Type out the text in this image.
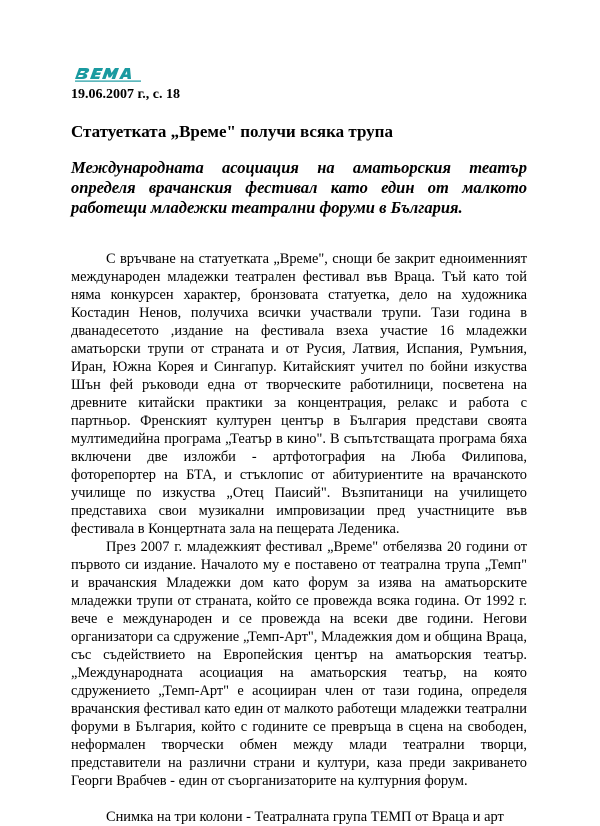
19.06.2007 г., с. 18
Статуетката „Време" получи всяка трупа
Международната асоциация на аматьорския театър определя врачанския фестивал като един от малкото работещи младежки театрални форуми в България.

С връчване на статуетката „Време", снощи бе закрит едноименният международен младежки театрален фестивал във Враца. Тъй като той няма конкурсен характер, бронзовата статуетка, дело на художника Костадин Ненов, получиха всички участвали трупи. Тази година в дванадесетото ,издание на фестивала взеха участие 16 младежки аматьорски трупи от страната и от Русия, Латвия, Испания, Румъния, Иран, Южна Корея и Сингапур. Китайският учител по бойни изкуства Шън фей ръководи една от творческите работилници, посветена на древните китайски практики за концентрация, релакс и работа с партньор. Френският културен център в България представи своята мултимедийна програма „Театър в кино". В съпътстващата програма бяха включени две изложби - артфотография на Люба Филипова, фоторепортер на БТА, и стъклопис от абитуриентите на врачанското училище по изкуства „Отец Паисий". Възпитаници на училището представиха свои музикални импровизации пред участниците във фестивала в Концертната зала на пещерата Леденика.

През 2007 г. младежкият фестивал „Време" отбелязва 20 години от първото си издание. Началото му е поставено от театрална трупа „Темп" и врачанския Младежки дом като форум за изява на аматьорските младежки трупи от страната, който се провежда всяка година. От 1992 г. вече е международен и се провежда на всеки две години. Негови организатори са сдружение „Темп-Арт", Младежкия дом и община Враца, със съдействието на Европейския център на аматьорския театър. „Международната асоциация на аматьорския театър, на която сдружението „Темп-Арт" е асоцииран член от тази година, определя врачанския фестивал като един от малкото работещи младежки театрални форуми в България, който с годините се превръща в сцена на свободен, неформален творчески обмен между млади театрални творци, представители на различни страни и култури, каза преди закриването Георги Врабчев - един от съорганизаторите на културния форум.

Снимка на три колони - Театралната група ТЕМП от Враца и арт
